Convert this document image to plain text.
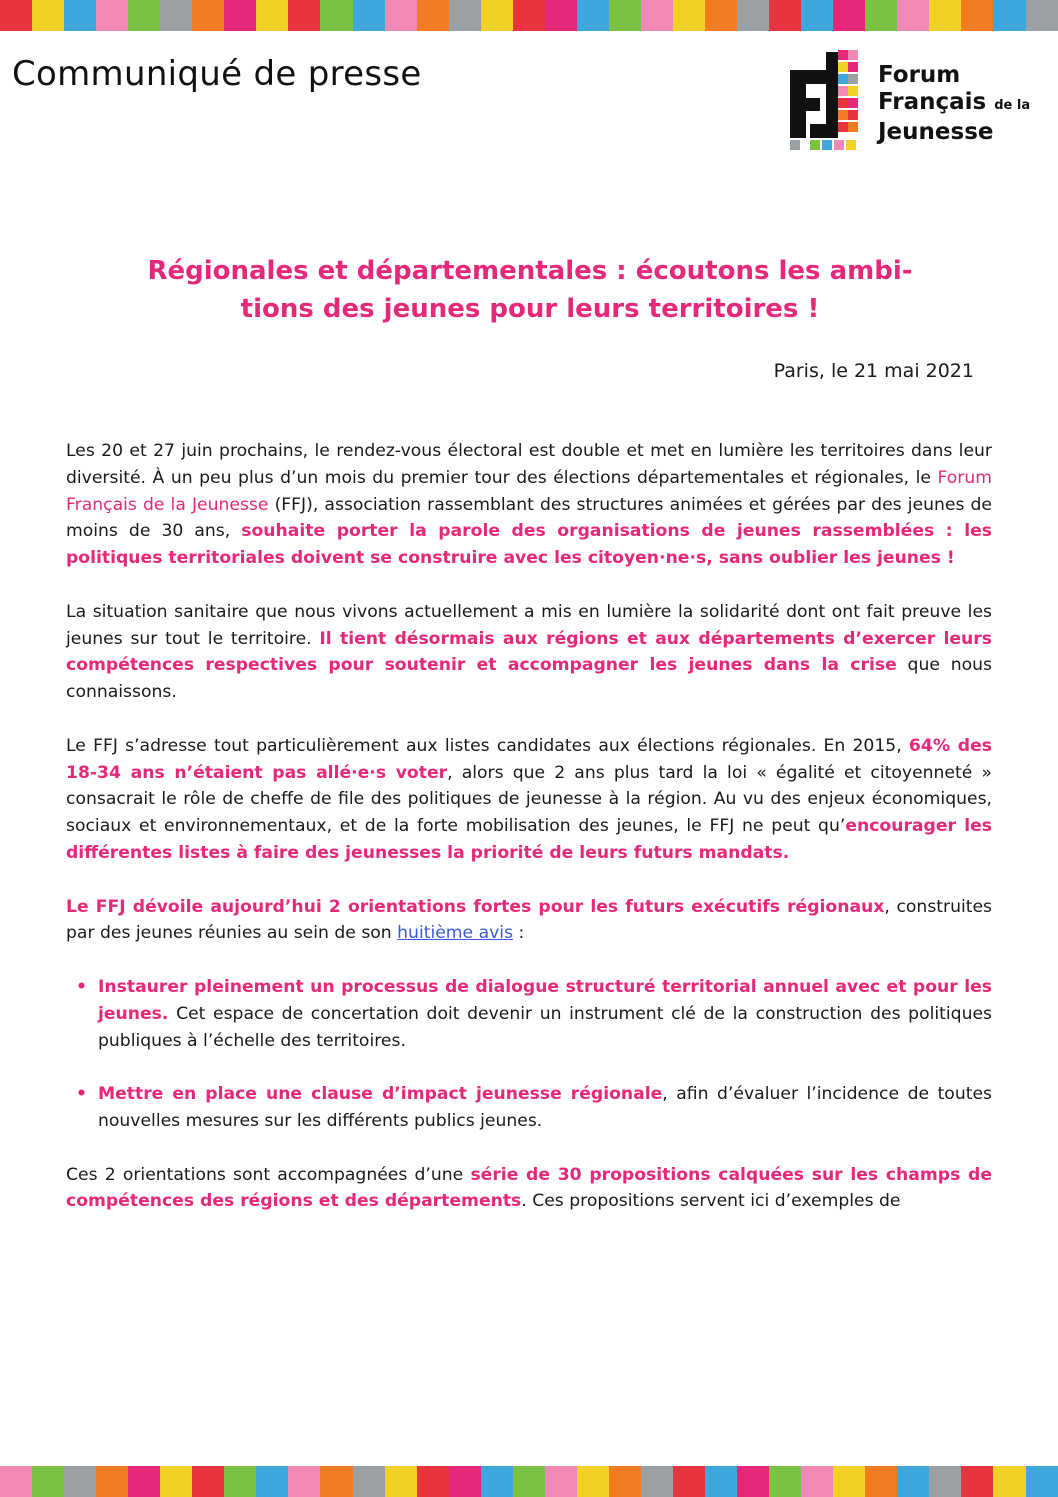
Communiqué de presse	Forum
Français de la
Jeunesse
Régionales et départementales : écoutons les ambi-
tions des jeunes pour leurs territoires !
Paris, le 21 mai 2021

Les 20 et 27 juin prochains, le rendez-vous électoral est double et met en lumière les territoires dans leur diversité. À un peu plus d’un mois du premier tour des élections départementales et régionales, le Forum Français de la Jeunesse (FFJ), association rassemblant des structures animées et gérées par des jeunes de moins de 30 ans, souhaite porter la parole des organisations de jeunes rassemblées : les politiques territoriales doivent se construire avec les citoyen·ne·s, sans oublier les jeunes !

La situation sanitaire que nous vivons actuellement a mis en lumière la solidarité dont ont fait preuve les jeunes sur tout le territoire. Il tient désormais aux régions et aux départements d’exercer leurs compétences respectives pour soutenir et accompagner les jeunes dans la crise que nous connaissons.

Le FFJ s’adresse tout particulièrement aux listes candidates aux élections régionales. En 2015, 64% des 18-34 ans n’étaient pas allé·e·s voter, alors que 2 ans plus tard la loi « égalité et citoyenneté » consacrait le rôle de cheffe de file des politiques de jeunesse à la région. Au vu des enjeux économiques, sociaux et environnementaux, et de la forte mobilisation des jeunes, le FFJ ne peut qu’encourager les différentes listes à faire des jeunesses la priorité de leurs futurs mandats.

Le FFJ dévoile aujourd’hui 2 orientations fortes pour les futurs exécutifs régionaux, construites par des jeunes réunies au sein de son huitième avis :

• Instaurer pleinement un processus de dialogue structuré territorial annuel avec et pour les jeunes. Cet espace de concertation doit devenir un instrument clé de la construction des politiques publiques à l’échelle des territoires.
• Mettre en place une clause d’impact jeunesse régionale, afin d’évaluer l’incidence de toutes nouvelles mesures sur les différents publics jeunes.

Ces 2 orientations sont accompagnées d’une série de 30 propositions calquées sur les champs de compétences des régions et des départements. Ces propositions servent ici d’exemples de
